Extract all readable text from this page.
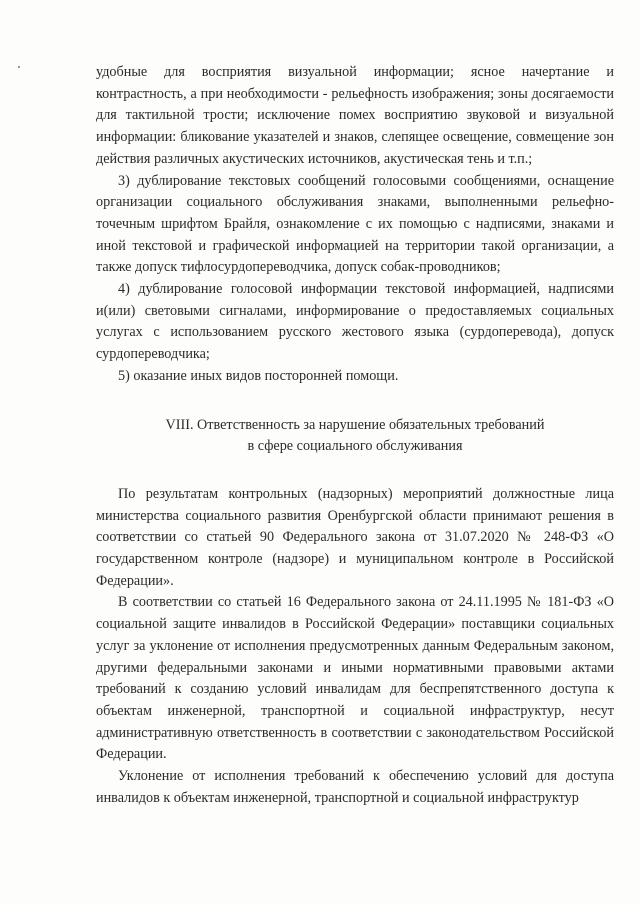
удобные для восприятия визуальной информации; ясное начертание и контрастность, а при необходимости - рельефность изображения; зоны досягаемости для тактильной трости; исключение помех восприятию звуковой и визуальной информации: бликование указателей и знаков, слепящее освещение, совмещение зон действия различных акустических источников, акустическая тень и т.п.;

3) дублирование текстовых сообщений голосовыми сообщениями, оснащение организации социального обслуживания знаками, выполненными рельефно-точечным шрифтом Брайля, ознакомление с их помощью с надписями, знаками и иной текстовой и графической информацией на территории такой организации, а также допуск тифлосурдопереводчика, допуск собак-проводников;

4) дублирование голосовой информации текстовой информацией, надписями и(или) световыми сигналами, информирование о предоставляемых социальных услугах с использованием русского жестового языка (сурдоперевода), допуск сурдопереводчика;

5) оказание иных видов посторонней помощи.

VIII. Ответственность за нарушение обязательных требований
в сфере социального обслуживания

По результатам контрольных (надзорных) мероприятий должностные лица министерства социального развития Оренбургской области принимают решения в соответствии со статьей 90 Федерального закона от 31.07.2020 № 248-ФЗ «О государственном контроле (надзоре) и муниципальном контроле в Российской Федерации».

В соответствии со статьей 16 Федерального закона от 24.11.1995 № 181-ФЗ «О социальной защите инвалидов в Российской Федерации» поставщики социальных услуг за уклонение от исполнения предусмотренных данным Федеральным законом, другими федеральными законами и иными нормативными правовыми актами требований к созданию условий инвалидам для беспрепятственного доступа к объектам инженерной, транспортной и социальной инфраструктур, несут административную ответственность в соответствии с законодательством Российской Федерации.

Уклонение от исполнения требований к обеспечению условий для доступа инвалидов к объектам инженерной, транспортной и социальной инфраструктур
